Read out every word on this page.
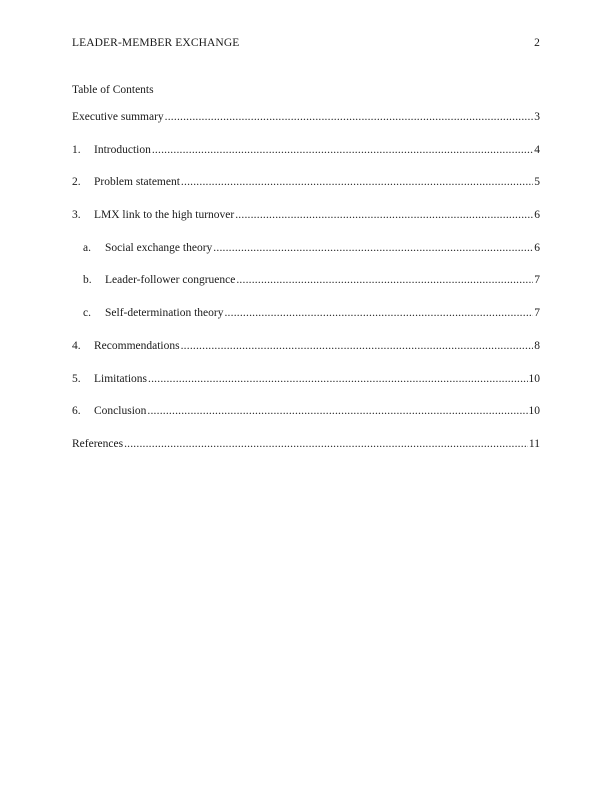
LEADER-MEMBER EXCHANGE	2
Table of Contents
Executive summary .....	3
1.	Introduction .....	4
2.	Problem statement .....	5
3.	LMX link to the high turnover .....	6
a.	Social exchange theory .....	6
b.	Leader-follower congruence .....	7
c.	Self-determination theory .....	7
4.	Recommendations .....	8
5.	Limitations .....	10
6.	Conclusion .....	10
References .....	11
